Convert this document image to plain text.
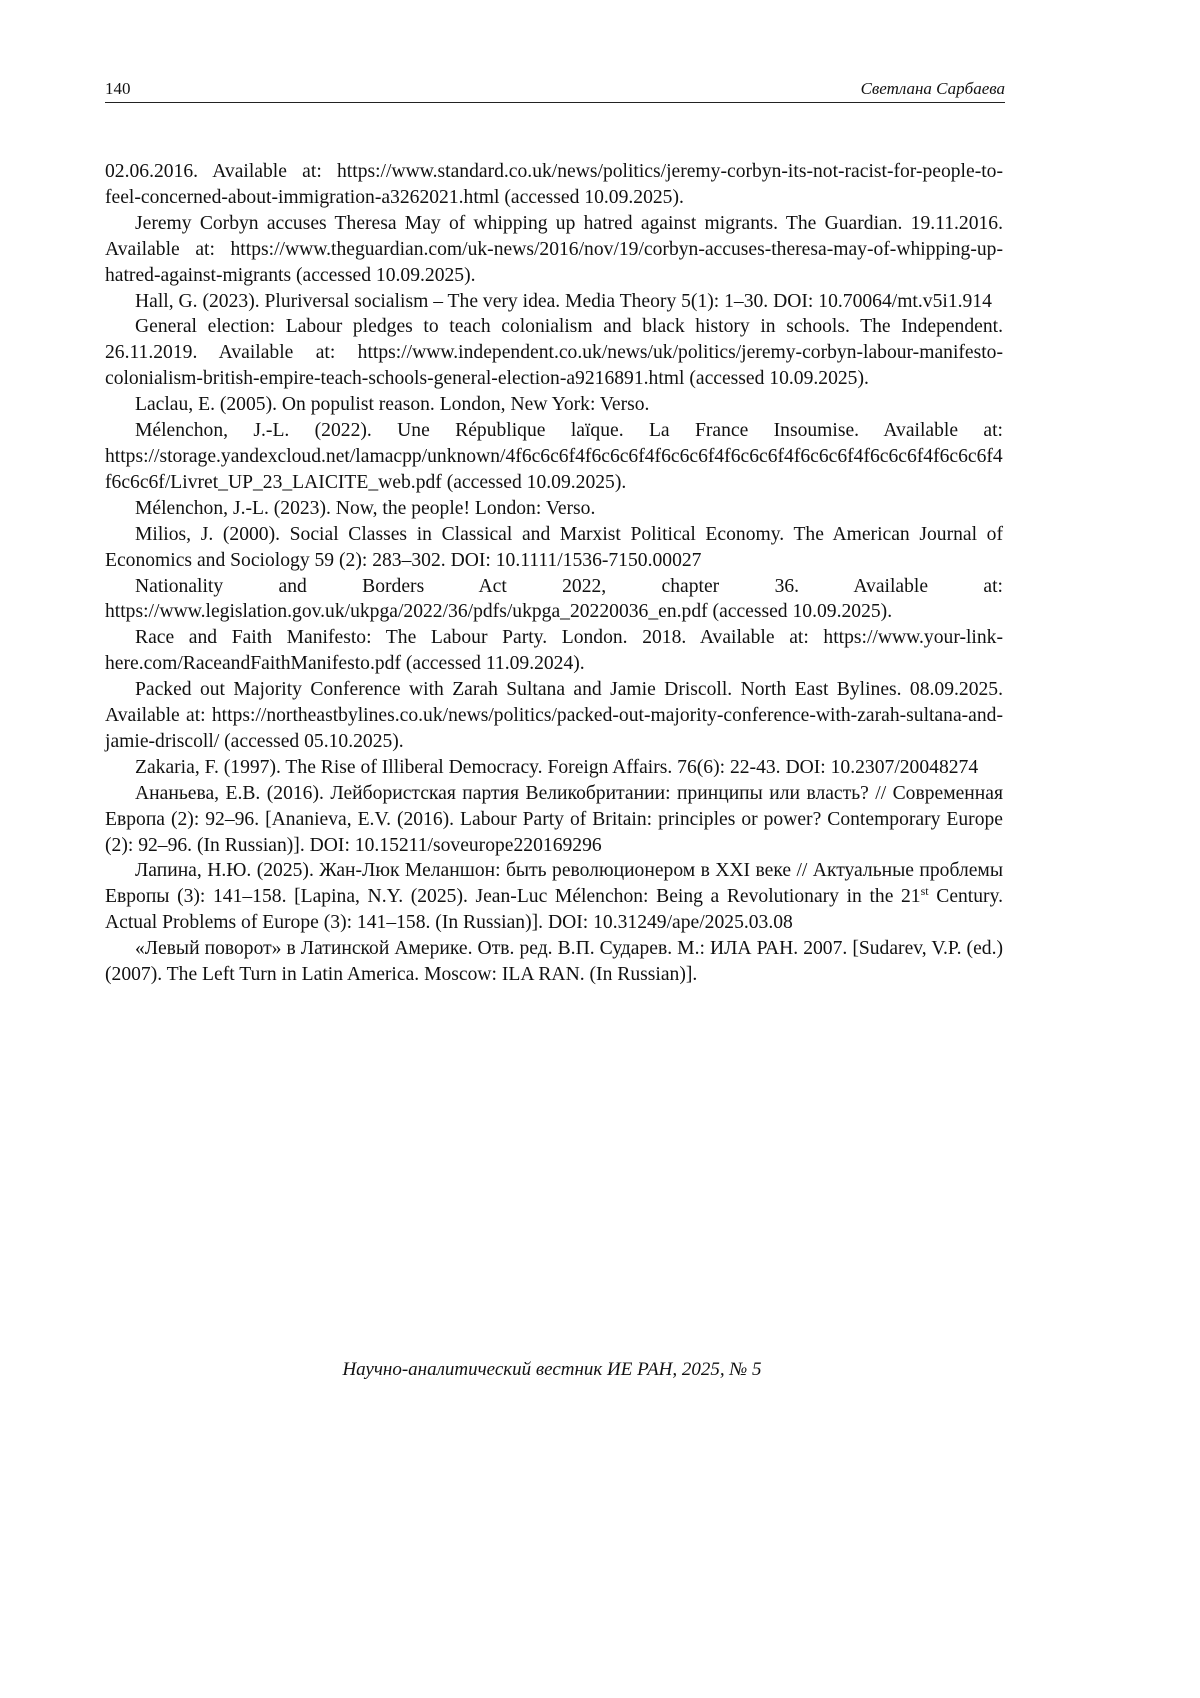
140	Светлана Сарбаева

02.06.2016. Available at: https://www.standard.co.uk/news/politics/jeremy-corbyn-its-not-racist-for-people-to-feel-concerned-about-immigration-a3262021.html (accessed 10.09.2025).

Jeremy Corbyn accuses Theresa May of whipping up hatred against migrants. The Guardian. 19.11.2016. Available at: https://www.theguardian.com/uk-news/2016/nov/19/corbyn-accuses-theresa-may-of-whipping-up-hatred-against-migrants (accessed 10.09.2025).

Hall, G. (2023). Pluriversal socialism – The very idea. Media Theory 5(1): 1–30. DOI: 10.70064/mt.v5i1.914

General election: Labour pledges to teach colonialism and black history in schools. The Independent. 26.11.2019. Available at: https://www.independent.co.uk/news/uk/politics/jeremy-corbyn-labour-manifesto-colonialism-british-empire-teach-schools-general-election-a9216891.html (accessed 10.09.2025).

Laclau, E. (2005). On populist reason. London, New York: Verso.

Mélenchon, J.-L. (2022). Une République laïque. La France Insoumise. Available at: https://storage.yandexcloud.net/lamacpp/unknown/4f6c6c6f4f6c6c6f4f6c6c6f4f6c6c6f4f6c6c6f4f6c6c6f4f6c6c6f4f6c6c6f/Livret_UP_23_LAICITE_web.pdf (accessed 10.09.2025).

Mélenchon, J.-L. (2023). Now, the people! London: Verso.

Milios, J. (2000). Social Classes in Classical and Marxist Political Economy. The American Journal of Economics and Sociology 59 (2): 283–302. DOI: 10.1111/1536-7150.00027

Nationality and Borders Act 2022, chapter 36. Available at: https://www.legislation.gov.uk/ukpga/2022/36/pdfs/ukpga_20220036_en.pdf (accessed 10.09.2025).

Race and Faith Manifesto: The Labour Party. London. 2018. Available at: https://www.your-link-here.com/RaceandFaithManifesto.pdf (accessed 11.09.2024).

Packed out Majority Conference with Zarah Sultana and Jamie Driscoll. North East Bylines. 08.09.2025. Available at: https://northeastbylines.co.uk/news/politics/packed-out-majority-conference-with-zarah-sultana-and-jamie-driscoll/ (accessed 05.10.2025).

Zakaria, F. (1997). The Rise of Illiberal Democracy. Foreign Affairs. 76(6): 22-43. DOI: 10.2307/20048274

Ананьева, Е.В. (2016). Лейбористская партия Великобритании: принципы или власть? // Современная Европа (2): 92–96. [Ananieva, E.V. (2016). Labour Party of Britain: principles or power? Contemporary Europe (2): 92–96. (In Russian)]. DOI: 10.15211/soveurope220169296

Лапина, Н.Ю. (2025). Жан-Люк Меланшон: быть революционером в XXI веке // Актуальные проблемы Европы (3): 141–158. [Lapina, N.Y. (2025). Jean-Luc Mélenchon: Being a Revolutionary in the 21st Century. Actual Problems of Europe (3): 141–158. (In Russian)]. DOI: 10.31249/ape/2025.03.08

«Левый поворот» в Латинской Америке. Отв. ред. В.П. Сударев. М.: ИЛА РАН. 2007. [Sudarev, V.P. (ed.) (2007). The Left Turn in Latin America. Moscow: ILA RAN. (In Russian)].

Научно-аналитический вестник ИЕ РАН, 2025, № 5
